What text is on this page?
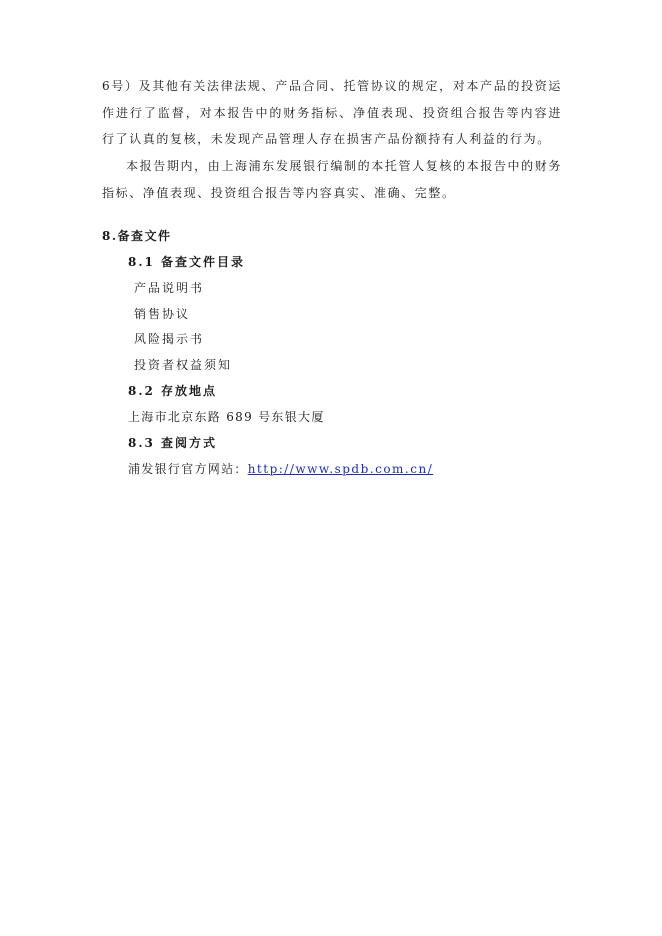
6号）及其他有关法律法规、产品合同、托管协议的规定，对本产品的投资运作进行了监督，对本报告中的财务指标、净值表现、投资组合报告等内容进行了认真的复核，未发现产品管理人存在损害产品份额持有人利益的行为。

本报告期内，由上海浦东发展银行编制的本托管人复核的本报告中的财务指标、净值表现、投资组合报告等内容真实、准确、完整。

8.备查文件
8.1 备查文件目录
产品说明书
销售协议
风险揭示书
投资者权益须知
8.2 存放地点
上海市北京东路 689 号东银大厦
8.3 查阅方式
浦发银行官方网站：http://www.spdb.com.cn/
